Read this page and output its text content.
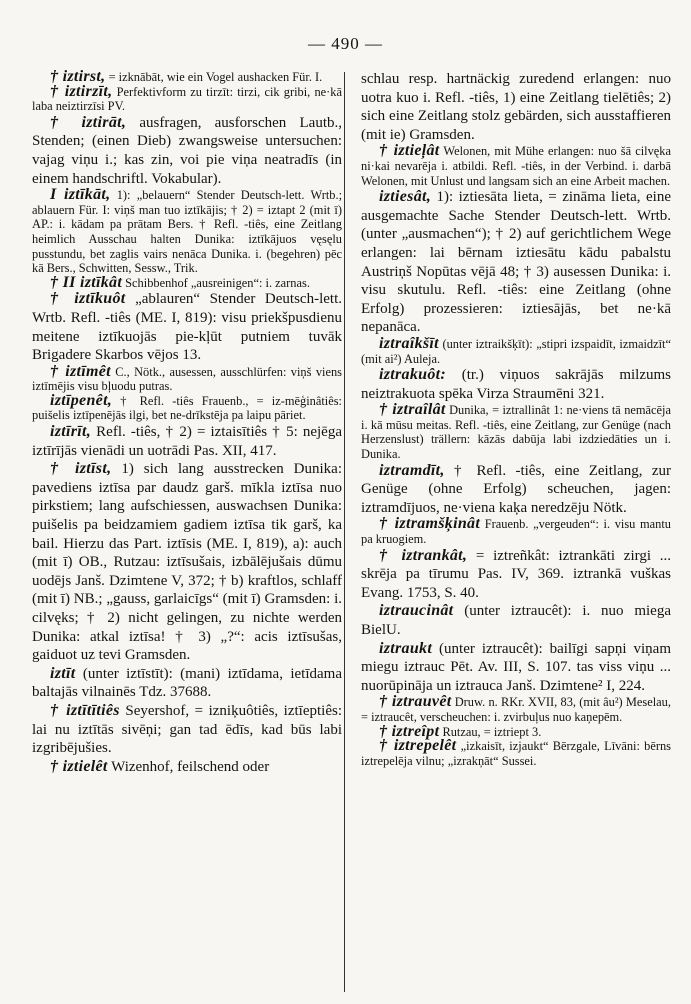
— 490 —

† iztirst, = izknābāt, wie ein Vogel aushacken Für. I.

† iztirzīt, Perfektivform zu tirzīt: tirzi, cik gribi, ne·kā laba neiztirzīsi PV.

† iztirāt, ausfragen, ausforschen Lautb., Stenden; (einen Dieb) zwangsweise untersuchen: vajag viņu i.; kas zin, voi pie viņa neatradīs (in einem handschriftl. Vokabular).

I iztīkāt, 1): „belauern“ Stender Deutsch-lett. Wrtb.; ablauern Für. I: viņš man tuo iztīkājis; † 2) = iztapt 2 (mit ī) AP.: i. kādam pa prātam Bers. † Refl. -tiês, eine Zeitlang heimlich Ausschau halten Dunika: iztīkājuos vęsęlu pusstundu, bet zaglis vairs nenāca Dunika. i. (begehren) pēc kā Bers., Schwitten, Sessw., Trik.

† II iztīkât Schibbenhof „ausreinigen“: i. zarnas.

† iztīkuôt „ablauren“ Stender Deutsch-lett. Wrtb. Refl. -tiês (ME. I, 819): visu priekšpusdienu meitene iztīkuojās pie-kļūt putniem tuvāk Brigadere Skarbos vējos 13.

† iztīmêt C., Nötk., ausessen, ausschlürfen: viņš viens iztīmējis visu bļuodu putras.

iztīpenêt, † Refl. -tiês Frauenb., = iz-mēģinâtiês: puišelis iztīpenējās ilgi, bet ne-drīkstēja pa laipu pāriet.

iztīrīt, Refl. -tiês, † 2) = iztaisītiês † 5: nejēga iztīrījās vienādi un uotrādi Pas. XII, 417.

† iztīst, 1) sich lang ausstrecken Dunika: pavediens iztīsa par daudz garš. mīkla iztīsa nuo pirkstiem; lang aufschiessen, auswachsen Dunika: puišelis pa beidzamiem gadiem iztīsa tik garš, ka bail. Hierzu das Part. iztīsis (ME. I, 819), a): auch (mit ī) OB., Rutzau: iztīsušais, izbālējušais dūmu uodējs Janš. Dzimtene V, 372; † b) kraftlos, schlaff (mit ī) NB.; „gauss, garlaicīgs“ (mit ī) Gramsden: i. cilvęks; † 2) nicht gelingen, zu nichte werden Dunika: atkal iztīsa! † 3) „?“: acis iztīsušas, gaiduot uz tevi Gramsden.

iztīt (unter iztīstīt): (mani) iztīdama, ietīdama baltajās vilnainēs Tdz. 37688.

† iztītītiês Seyershof, = izniķuôtiês, iztīeptiês: lai nu iztītās sivēņi; gan tad ēdīs, kad būs labi izgribējušies.

† iztielêt Wizenhof, feilschend oder

schlau resp. hartnäckig zuredend erlangen: nuo uotra kuo i. Refl. -tiês, 1) eine Zeitlang tielētiês; 2) sich eine Zeitlang stolz gebärden, sich ausstaffieren (mit ie) Gramsden.

† iztieļât Welonen, mit Mühe erlangen: nuo šā cilvęka ni·kai nevarēja i. atbildi. Refl. -tiês, in der Verbind. i. darbā Welonen, mit Unlust und langsam sich an eine Arbeit machen.

iztiesât, 1): iztiesāta lieta, = zināma lieta, eine ausgemachte Sache Stender Deutsch-lett. Wrtb. (unter „ausmachen“); † 2) auf gerichtlichem Wege erlangen: lai bērnam iztiesātu kādu pabalstu Austriņš Nopūtas vējā 48; † 3) ausessen Dunika: i. visu skutulu. Refl. -tiês: eine Zeitlang (ohne Erfolg) prozessieren: iztiesājās, bet ne·kā nepanāca.

iztraîkšīt (unter iztraikšķīt): „stipri izspaidīt, izmaidzīt“ (mit ai²) Auleja.

iztrakuôt: (tr.) viņuos sakrājās milzums neiztrakuota spēka Virza Straumēni 321.

† iztraîlât Dunika, = iztrallinât 1: ne·viens tā nemācēja i. kā mūsu meitas. Refl. -tiês, eine Zeitlang, zur Genüge (nach Herzenslust) trällern: kāzās dabūja labi izdziedāties un i. Dunika.

iztramdīt, † Refl. -tiês, eine Zeitlang, zur Genüge (ohne Erfolg) scheuchen, jagen: iztramdījuos, ne·viena kaķa neredzēju Nötk.

† iztramšķinât Frauenb. „vergeuden“: i. visu mantu pa kruogiem.

† iztrankât, = iztreñkât: iztrankāti zirgi ... skrēja pa tīrumu Pas. IV, 369. iztrankā vuškas Evang. 1753, S. 40.

iztraucinât (unter iztraucêt): i. nuo miega BielU.

iztraukt (unter iztraucêt): bailīgi sapņi viņam miegu iztrauc Pēt. Av. III, S. 107. tas viss viņu ... nuorūpināja un iztrauca Janš. Dzimtene² I, 224.

† iztrauvêt Druw. n. RKr. XVII, 83, (mit âu²) Meselau, = iztraucêt, verscheuchen: i. zvirbuļus nuo kaņepēm.

† iztreîpt Rutzau, = iztriept 3.

† iztrepelêt „izkaisīt, izjaukt“ Bērzgale, Līvāni: bērns iztrepelēja vilnu; „izrakņāt“ Sussei.
